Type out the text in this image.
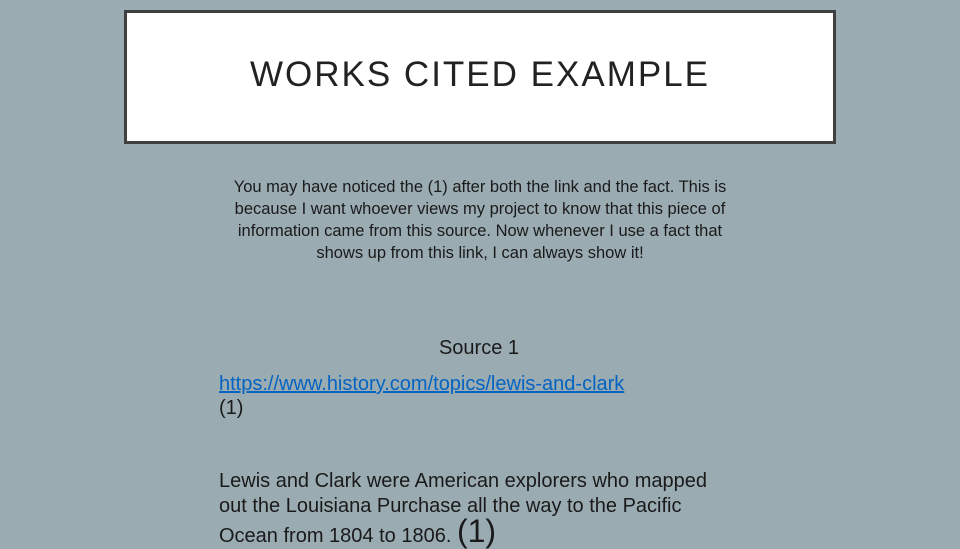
WORKS CITED EXAMPLE

You may have noticed the (1) after both the link and the fact. This is because I want whoever views my project to know that this piece of information came from this source. Now whenever I use a fact that shows up from this link, I can always show it!

Source 1

https://www.history.com/topics/lewis-and-clark
(1)

Lewis and Clark were American explorers who mapped out the Louisiana Purchase all the way to the Pacific Ocean from 1804 to 1806. (1)
